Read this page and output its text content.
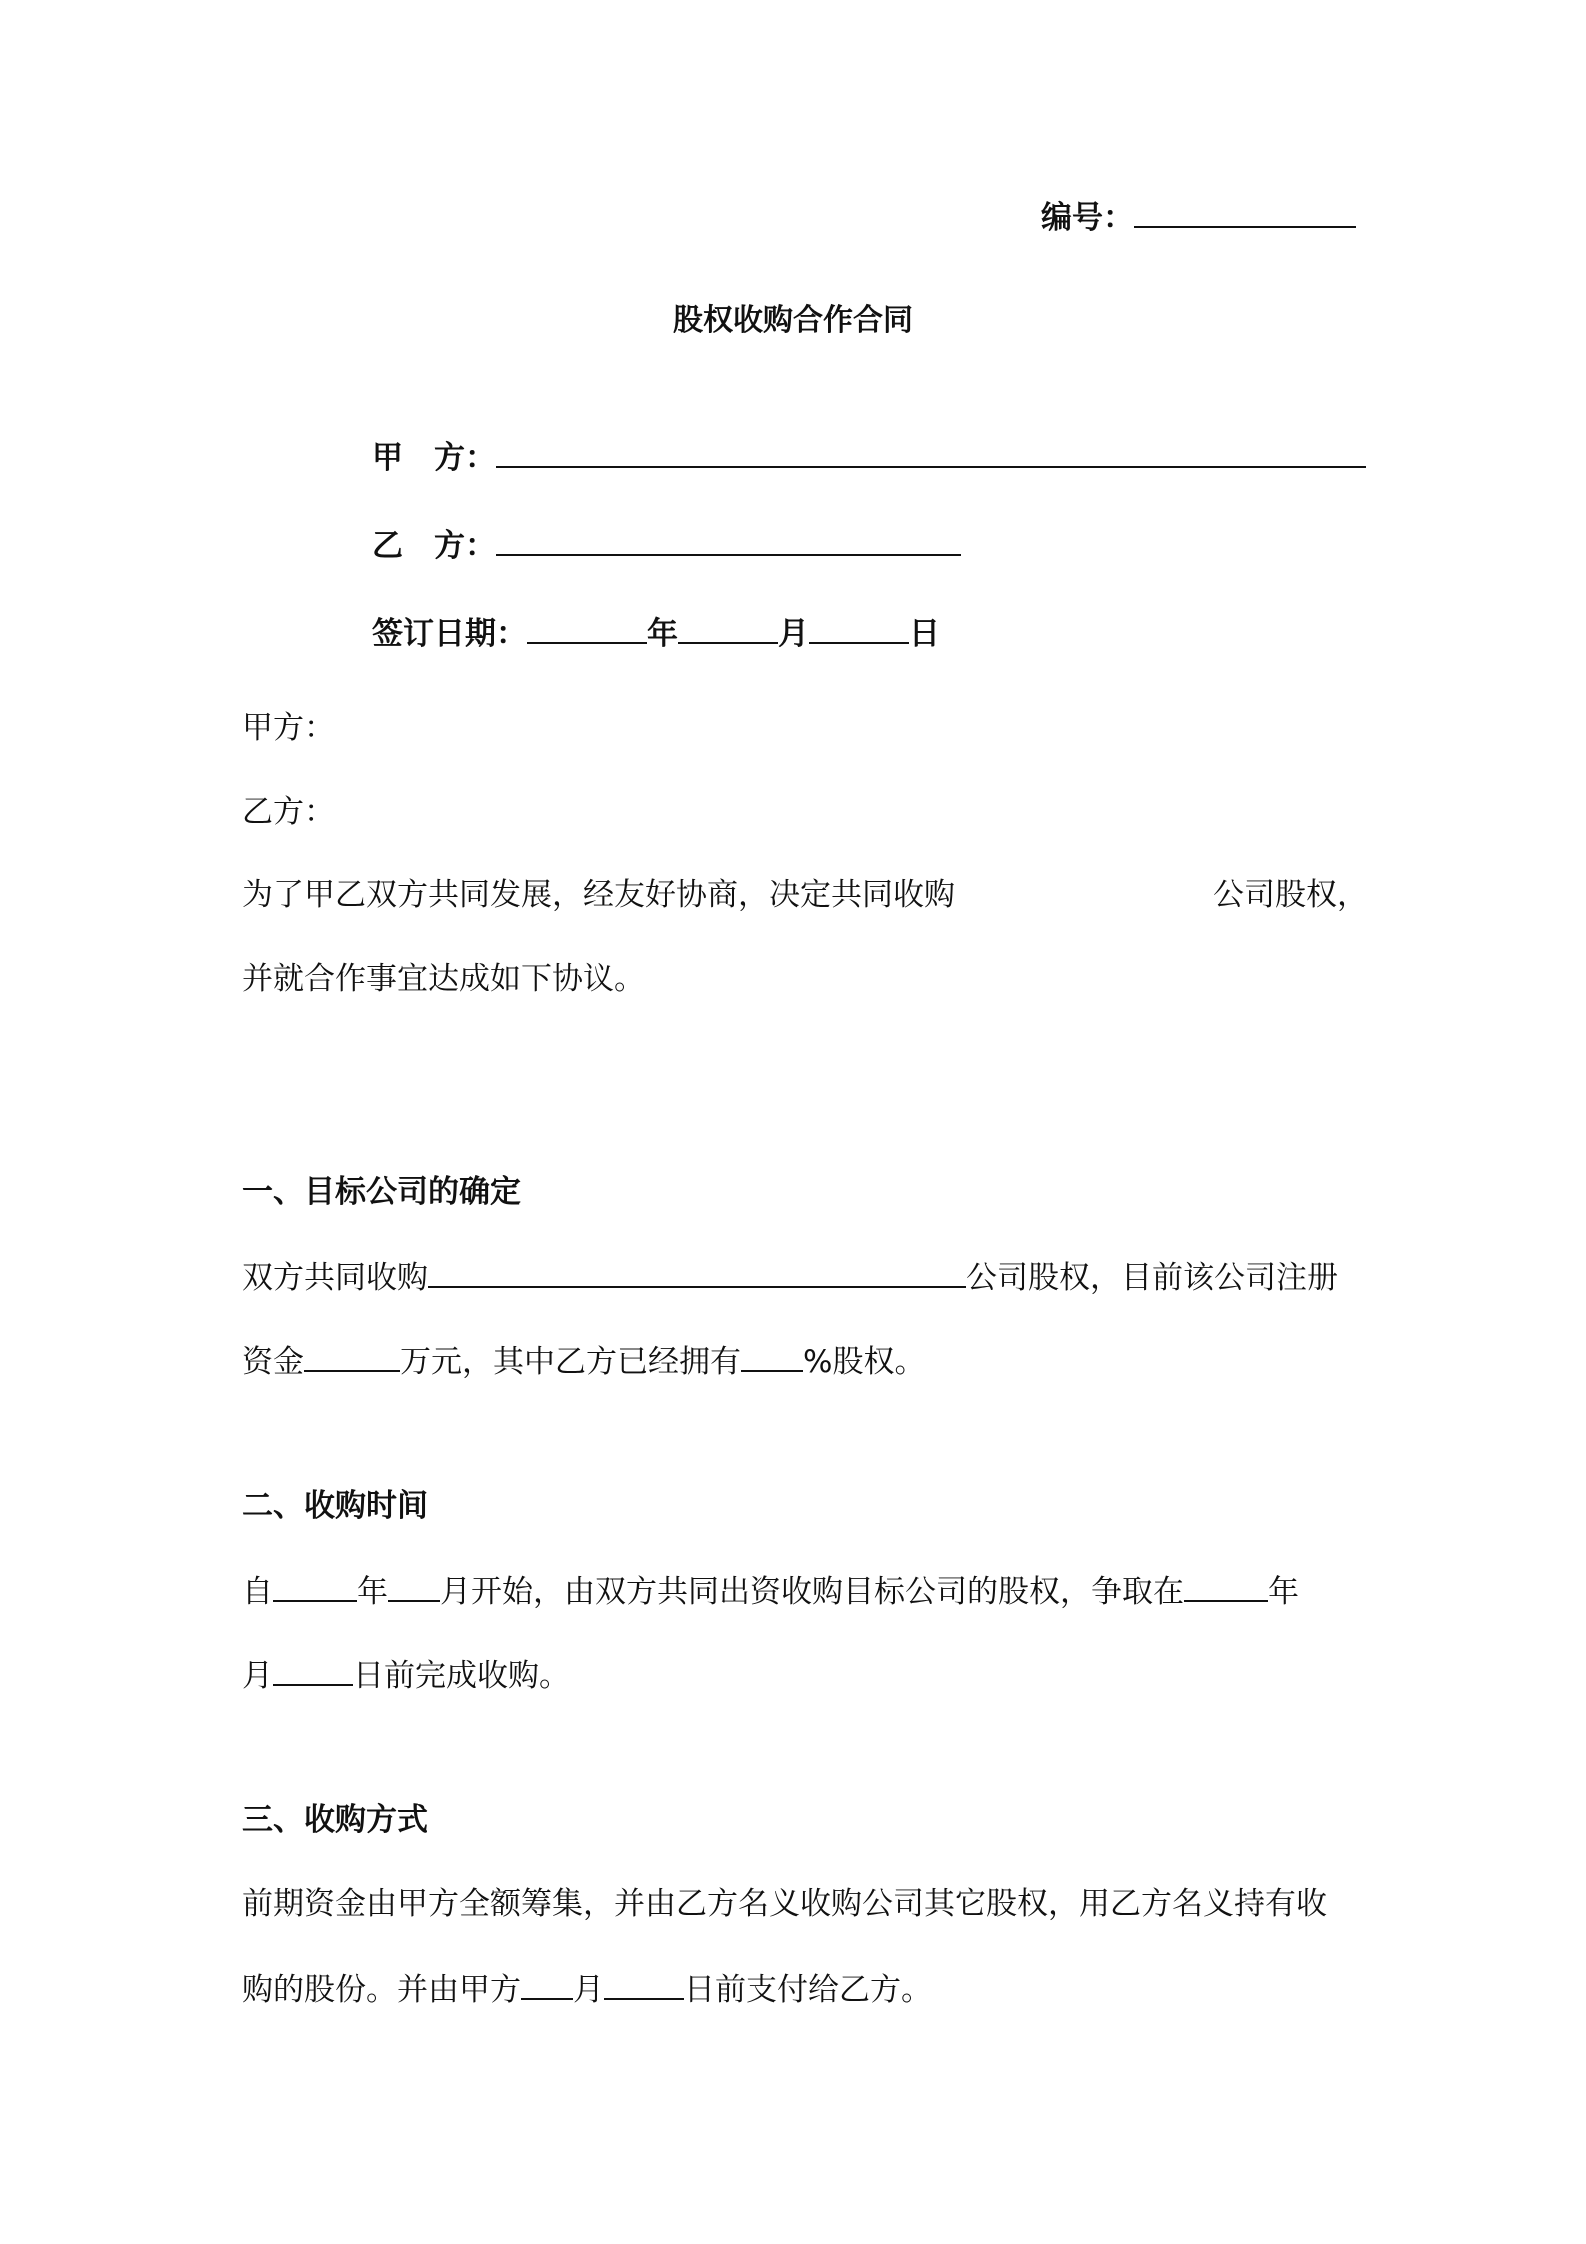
编号：
股权收购合作合同
甲　方：
乙　方：
签订日期：	年	月	日
甲方：
乙方：
为了甲乙双方共同发展，经友好协商，决定共同收购	公司股权，
并就合作事宜达成如下协议。
一、目标公司的确定
双方共同收购	公司股权，目前该公司注册
资金	万元，其中乙方已经拥有 %股权。
二、收购时间
自	年 月开始，由双方共同出资收购目标公司的股权，争取在	年
月	日前完成收购。
三、收购方式
前期资金由甲方全额筹集，并由乙方名义收购公司其它股权，用乙方名义持有收
购的股份。并由甲方 月	日前支付给乙方。
